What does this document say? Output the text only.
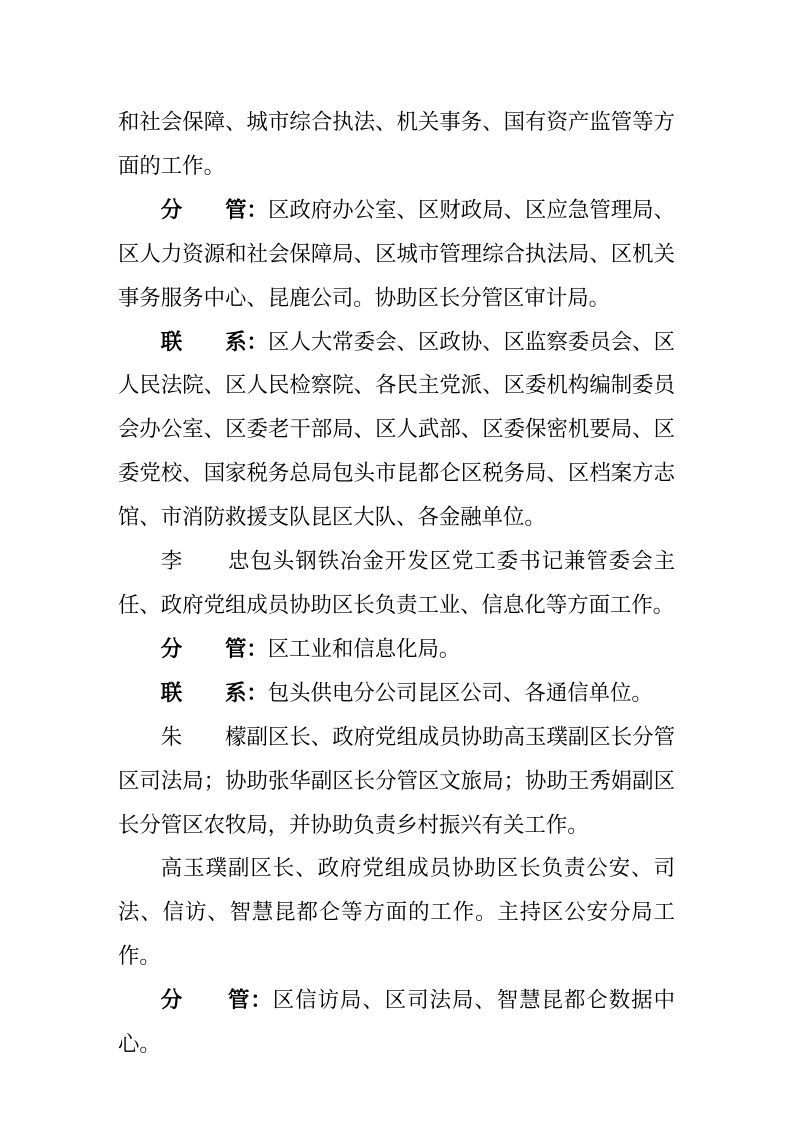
和社会保障、城市综合执法、机关事务、国有资产监管等方面的工作。

分　　管：区政府办公室、区财政局、区应急管理局、区人力资源和社会保障局、区城市管理综合执法局、区机关事务服务中心、昆鹿公司。协助区长分管区审计局。

联　　系：区人大常委会、区政协、区监察委员会、区人民法院、区人民检察院、各民主党派、区委机构编制委员会办公室、区委老干部局、区人武部、区委保密机要局、区委党校、国家税务总局包头市昆都仑区税务局、区档案方志馆、市消防救援支队昆区大队、各金融单位。

李　　忠包头钢铁冶金开发区党工委书记兼管委会主任、政府党组成员协助区长负责工业、信息化等方面工作。

分　　管：区工业和信息化局。

联　　系：包头供电分公司昆区公司、各通信单位。

朱　　檬副区长、政府党组成员协助高玉璞副区长分管区司法局；协助张华副区长分管区文旅局；协助王秀娟副区长分管区农牧局，并协助负责乡村振兴有关工作。

高玉璞副区长、政府党组成员协助区长负责公安、司法、信访、智慧昆都仑等方面的工作。主持区公安分局工作。

分　　管：区信访局、区司法局、智慧昆都仑数据中心。
